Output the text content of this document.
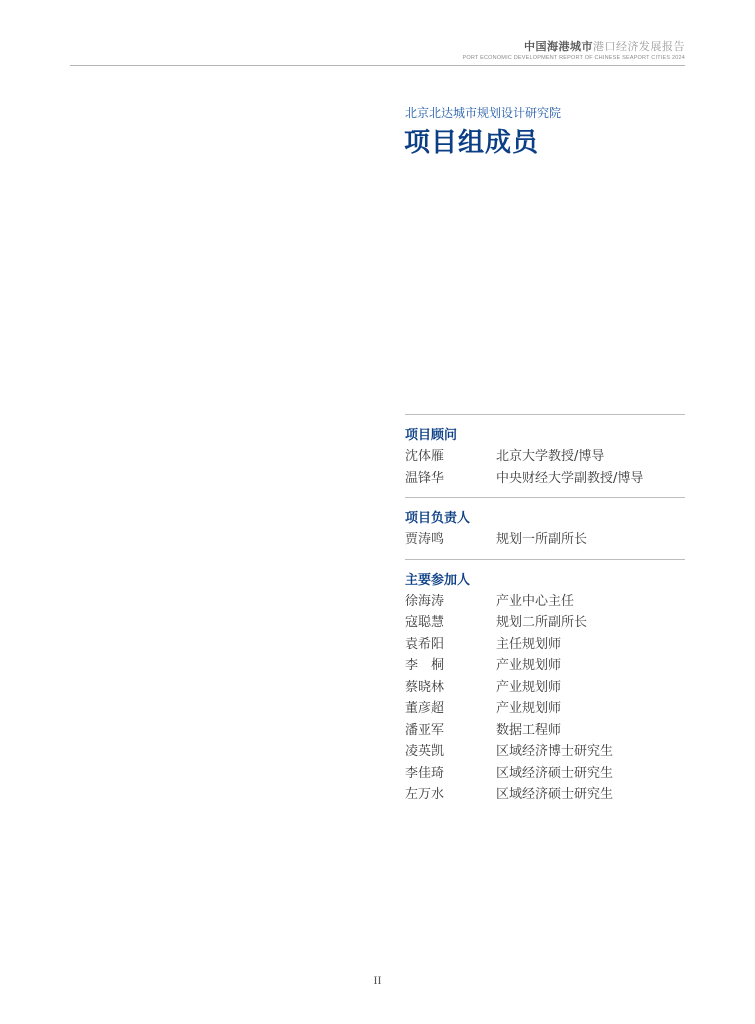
中国海港城市港口经济发展报告
PORT ECONOMIC DEVELOPMENT REPORT OF CHINESE SEAPORT CITIES 2024
北京北达城市规划设计研究院
项目组成员
项目顾问
沈体雁	北京大学教授/博导
温锋华	中央财经大学副教授/博导
项目负责人
贾涛鸣	规划一所副所长
主要参加人
徐海涛	产业中心主任
寇聪慧	规划二所副所长
袁希阳	主任规划师
李　桐	产业规划师
蔡晓林	产业规划师
董彦超	产业规划师
潘亚军	数据工程师
凌英凯	区域经济博士研究生
李佳琦	区域经济硕士研究生
左万水	区域经济硕士研究生
II
